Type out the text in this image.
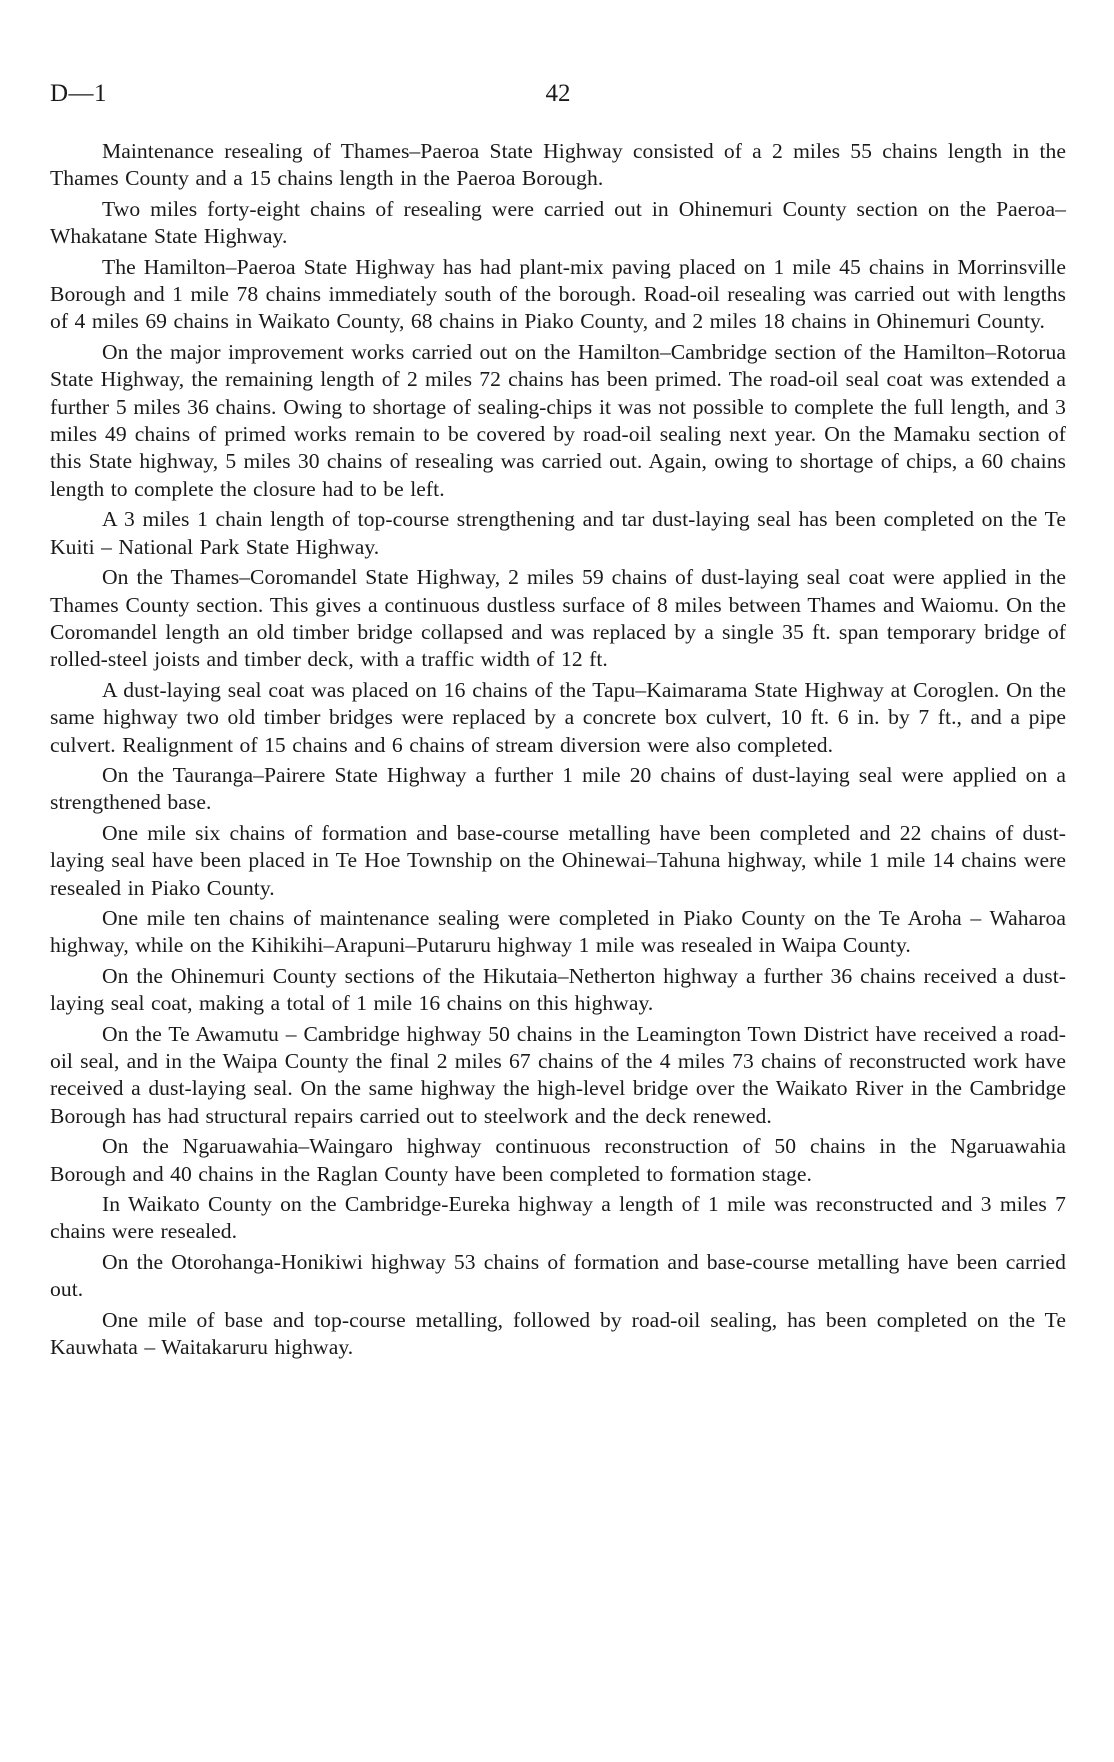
D—1	42

Maintenance resealing of Thames–Paeroa State Highway consisted of a 2 miles 55 chains length in the Thames County and a 15 chains length in the Paeroa Borough.

Two miles forty-eight chains of resealing were carried out in Ohinemuri County section on the Paeroa–Whakatane State Highway.

The Hamilton–Paeroa State Highway has had plant-mix paving placed on 1 mile 45 chains in Morrinsville Borough and 1 mile 78 chains immediately south of the borough. Road-oil resealing was carried out with lengths of 4 miles 69 chains in Waikato County, 68 chains in Piako County, and 2 miles 18 chains in Ohinemuri County.

On the major improvement works carried out on the Hamilton–Cambridge section of the Hamilton–Rotorua State Highway, the remaining length of 2 miles 72 chains has been primed. The road-oil seal coat was extended a further 5 miles 36 chains. Owing to shortage of sealing-chips it was not possible to complete the full length, and 3 miles 49 chains of primed works remain to be covered by road-oil sealing next year. On the Mamaku section of this State highway, 5 miles 30 chains of resealing was carried out. Again, owing to shortage of chips, a 60 chains length to complete the closure had to be left.

A 3 miles 1 chain length of top-course strengthening and tar dust-laying seal has been completed on the Te Kuiti – National Park State Highway.

On the Thames–Coromandel State Highway, 2 miles 59 chains of dust-laying seal coat were applied in the Thames County section. This gives a continuous dustless surface of 8 miles between Thames and Waiomu. On the Coromandel length an old timber bridge collapsed and was replaced by a single 35 ft. span temporary bridge of rolled-steel joists and timber deck, with a traffic width of 12 ft.

A dust-laying seal coat was placed on 16 chains of the Tapu–Kaimarama State Highway at Coroglen. On the same highway two old timber bridges were replaced by a concrete box culvert, 10 ft. 6 in. by 7 ft., and a pipe culvert. Realignment of 15 chains and 6 chains of stream diversion were also completed.

On the Tauranga–Pairere State Highway a further 1 mile 20 chains of dust-laying seal were applied on a strengthened base.

One mile six chains of formation and base-course metalling have been completed and 22 chains of dust-laying seal have been placed in Te Hoe Township on the Ohinewai–Tahuna highway, while 1 mile 14 chains were resealed in Piako County.

One mile ten chains of maintenance sealing were completed in Piako County on the Te Aroha – Waharoa highway, while on the Kihikihi–Arapuni–Putaruru highway 1 mile was resealed in Waipa County.

On the Ohinemuri County sections of the Hikutaia–Netherton highway a further 36 chains received a dust-laying seal coat, making a total of 1 mile 16 chains on this highway.

On the Te Awamutu – Cambridge highway 50 chains in the Leamington Town District have received a road-oil seal, and in the Waipa County the final 2 miles 67 chains of the 4 miles 73 chains of reconstructed work have received a dust-laying seal. On the same highway the high-level bridge over the Waikato River in the Cambridge Borough has had structural repairs carried out to steelwork and the deck renewed.

On the Ngaruawahia–Waingaro highway continuous reconstruction of 50 chains in the Ngaruawahia Borough and 40 chains in the Raglan County have been completed to formation stage.

In Waikato County on the Cambridge-Eureka highway a length of 1 mile was reconstructed and 3 miles 7 chains were resealed.

On the Otorohanga-Honikiwi highway 53 chains of formation and base-course metalling have been carried out.

One mile of base and top-course metalling, followed by road-oil sealing, has been completed on the Te Kauwhata – Waitakaruru highway.
